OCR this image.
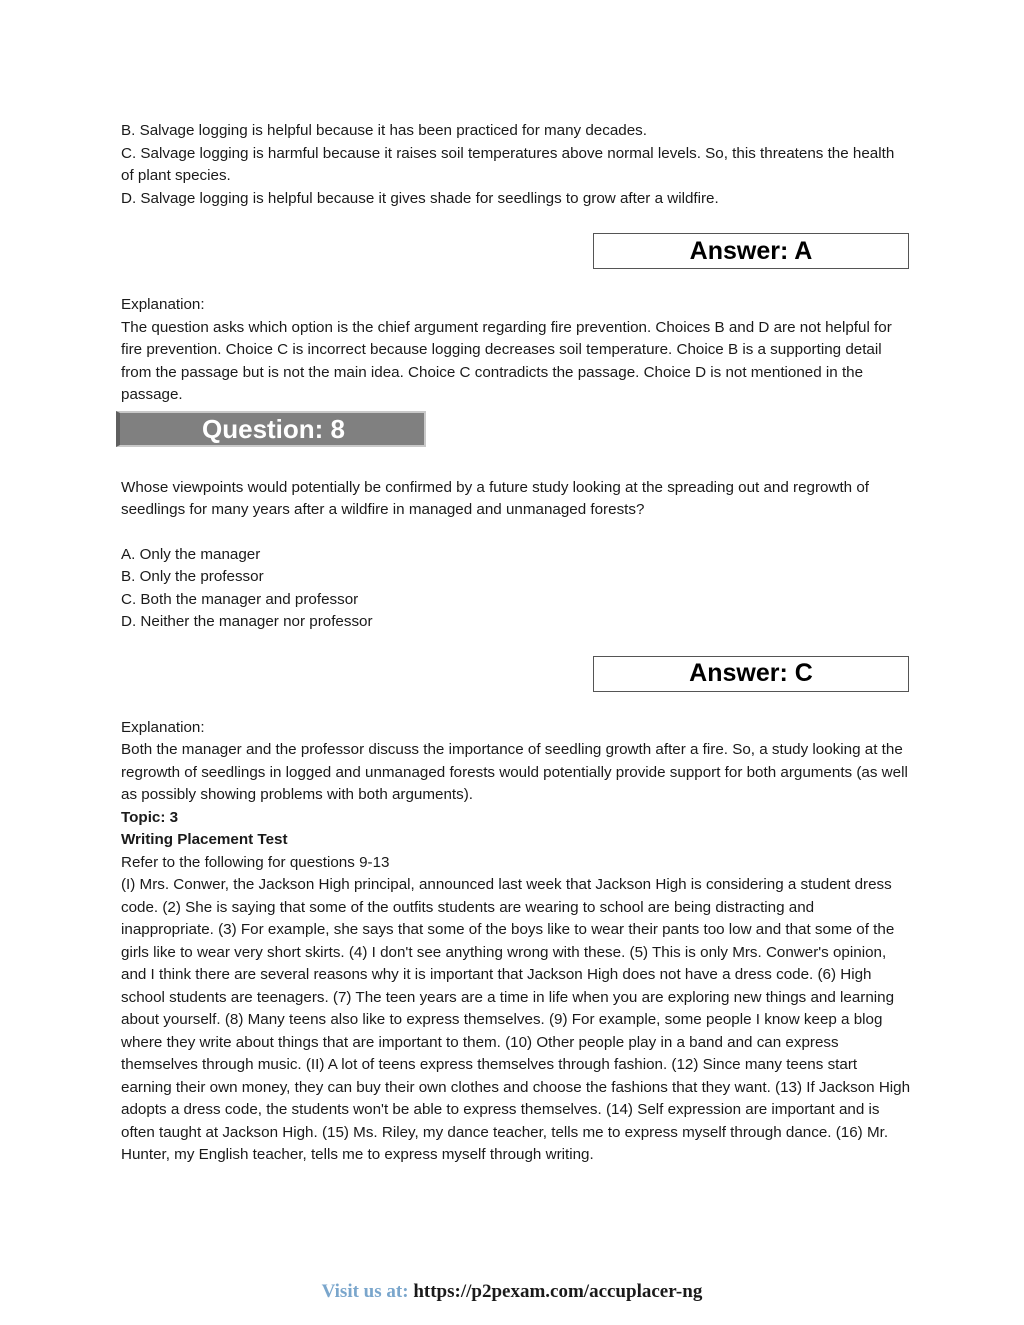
B. Salvage logging is helpful because it has been practiced for many decades.

C. Salvage logging is harmful because it raises soil temperatures above normal levels. So, this threatens the health of plant species.

D. Salvage logging is helpful because it gives shade for seedlings to grow after a wildfire.

Answer: A

Explanation:

The question asks which option is the chief argument regarding fire prevention. Choices B and D are not helpful for fire prevention. Choice C is incorrect because logging decreases soil temperature. Choice B is a supporting detail from the passage but is not the main idea. Choice C contradicts the passage. Choice D is not mentioned in the passage.

Question: 8

Whose viewpoints would potentially be confirmed by a future study looking at the spreading out and regrowth of seedlings for many years after a wildfire in managed and unmanaged forests?

A. Only the manager

B. Only the professor

C. Both the manager and professor

D. Neither the manager nor professor

Answer: C

Explanation:

Both the manager and the professor discuss the importance of seedling growth after a fire. So, a study looking at the regrowth of seedlings in logged and unmanaged forests would potentially provide support for both arguments (as well as possibly showing problems with both arguments).

Topic: 3

Writing Placement Test

Refer to the following for questions 9-13

(I) Mrs. Conwer, the Jackson High principal, announced last week that Jackson High is considering a student dress code. (2) She is saying that some of the outfits students are wearing to school are being distracting and inappropriate. (3) For example, she says that some of the boys like to wear their pants too low and that some of the girls like to wear very short skirts. (4) I don't see anything wrong with these. (5) This is only Mrs. Conwer's opinion, and I think there are several reasons why it is important that Jackson High does not have a dress code. (6) High school students are teenagers. (7) The teen years are a time in life when you are exploring new things and learning about yourself. (8) Many teens also like to express themselves. (9) For example, some people I know keep a blog where they write about things that are important to them. (10) Other people play in a band and can express themselves through music. (II) A lot of teens express themselves through fashion. (12) Since many teens start earning their own money, they can buy their own clothes and choose the fashions that they want. (13) If Jackson High adopts a dress code, the students won't be able to express themselves. (14) Self expression are important and is often taught at Jackson High. (15) Ms. Riley, my dance teacher, tells me to express myself through dance. (16) Mr. Hunter, my English teacher, tells me to express myself through writing.

Visit us at: https://p2pexam.com/accuplacer-ng
